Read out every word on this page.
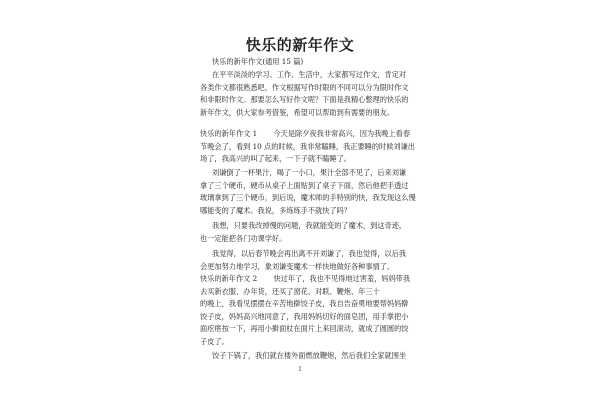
快乐的新年作文
快乐的新年作文(通用 15 篇)
在平平淡淡的学习、工作、生活中，大家都写过作文，肯定对
各类作文都很熟悉吧，作文根据写作时限的不同可以分为限时作文
和非限时作文。那要怎么写好作文呢？下面是我精心整理的快乐的
新年作文，供大家参考借鉴，希望可以帮助到有需要的朋友。
快乐的新年作文 1 今天是除夕夜我非常高兴，因为我晚上看春
节晚会了，看到 10 点的时候，我非常瞌睡，我正要睡的时候刘谦出
场了，我高兴的叫了起来，一下子就不瞌睡了。
刘谦倒了一杯果汁，喝了一小口，果汁全部不见了，后来刘谦
拿了三个硬币，硬币从桌子上面贴到了桌子下面，然后他把手透过
玻璃拿到了三个硬币，到后说，魔术师的手特别的快，我发现这么慢
哪能变的了魔术。我说，多练练手不就快了吗？
我想，只要我改掉慢的问题，我就能变的了魔术，到这奇迹，
也一定能把各门功课学好。
我觉得，以后春节晚会再出离不开刘谦了，我也觉得，以后我
会更加努力地学习，象刘谦变魔术一样快地做好各种事情了。
快乐的新年作文 2 快过年了，我也不见得地过害羞，妈妈带我
去买新衣服、办年货，还买了窗花、对联、鞭炮、年三十
的晚上，我看见摆摆在辛苦地擀饺子皮，我自告奋勇地要帮妈妈擀
饺子皮，妈妈高兴地同意了，我用妈妈切好的面皂团，用手掌把小
面疙瘩按一下，再用小擀面杖在面片上来回滚动，就成了圆圆的饺
子皮了。
饺子下锅了，我们就在楼外面燃放鞭炮，然后我们全家就围坐
1
